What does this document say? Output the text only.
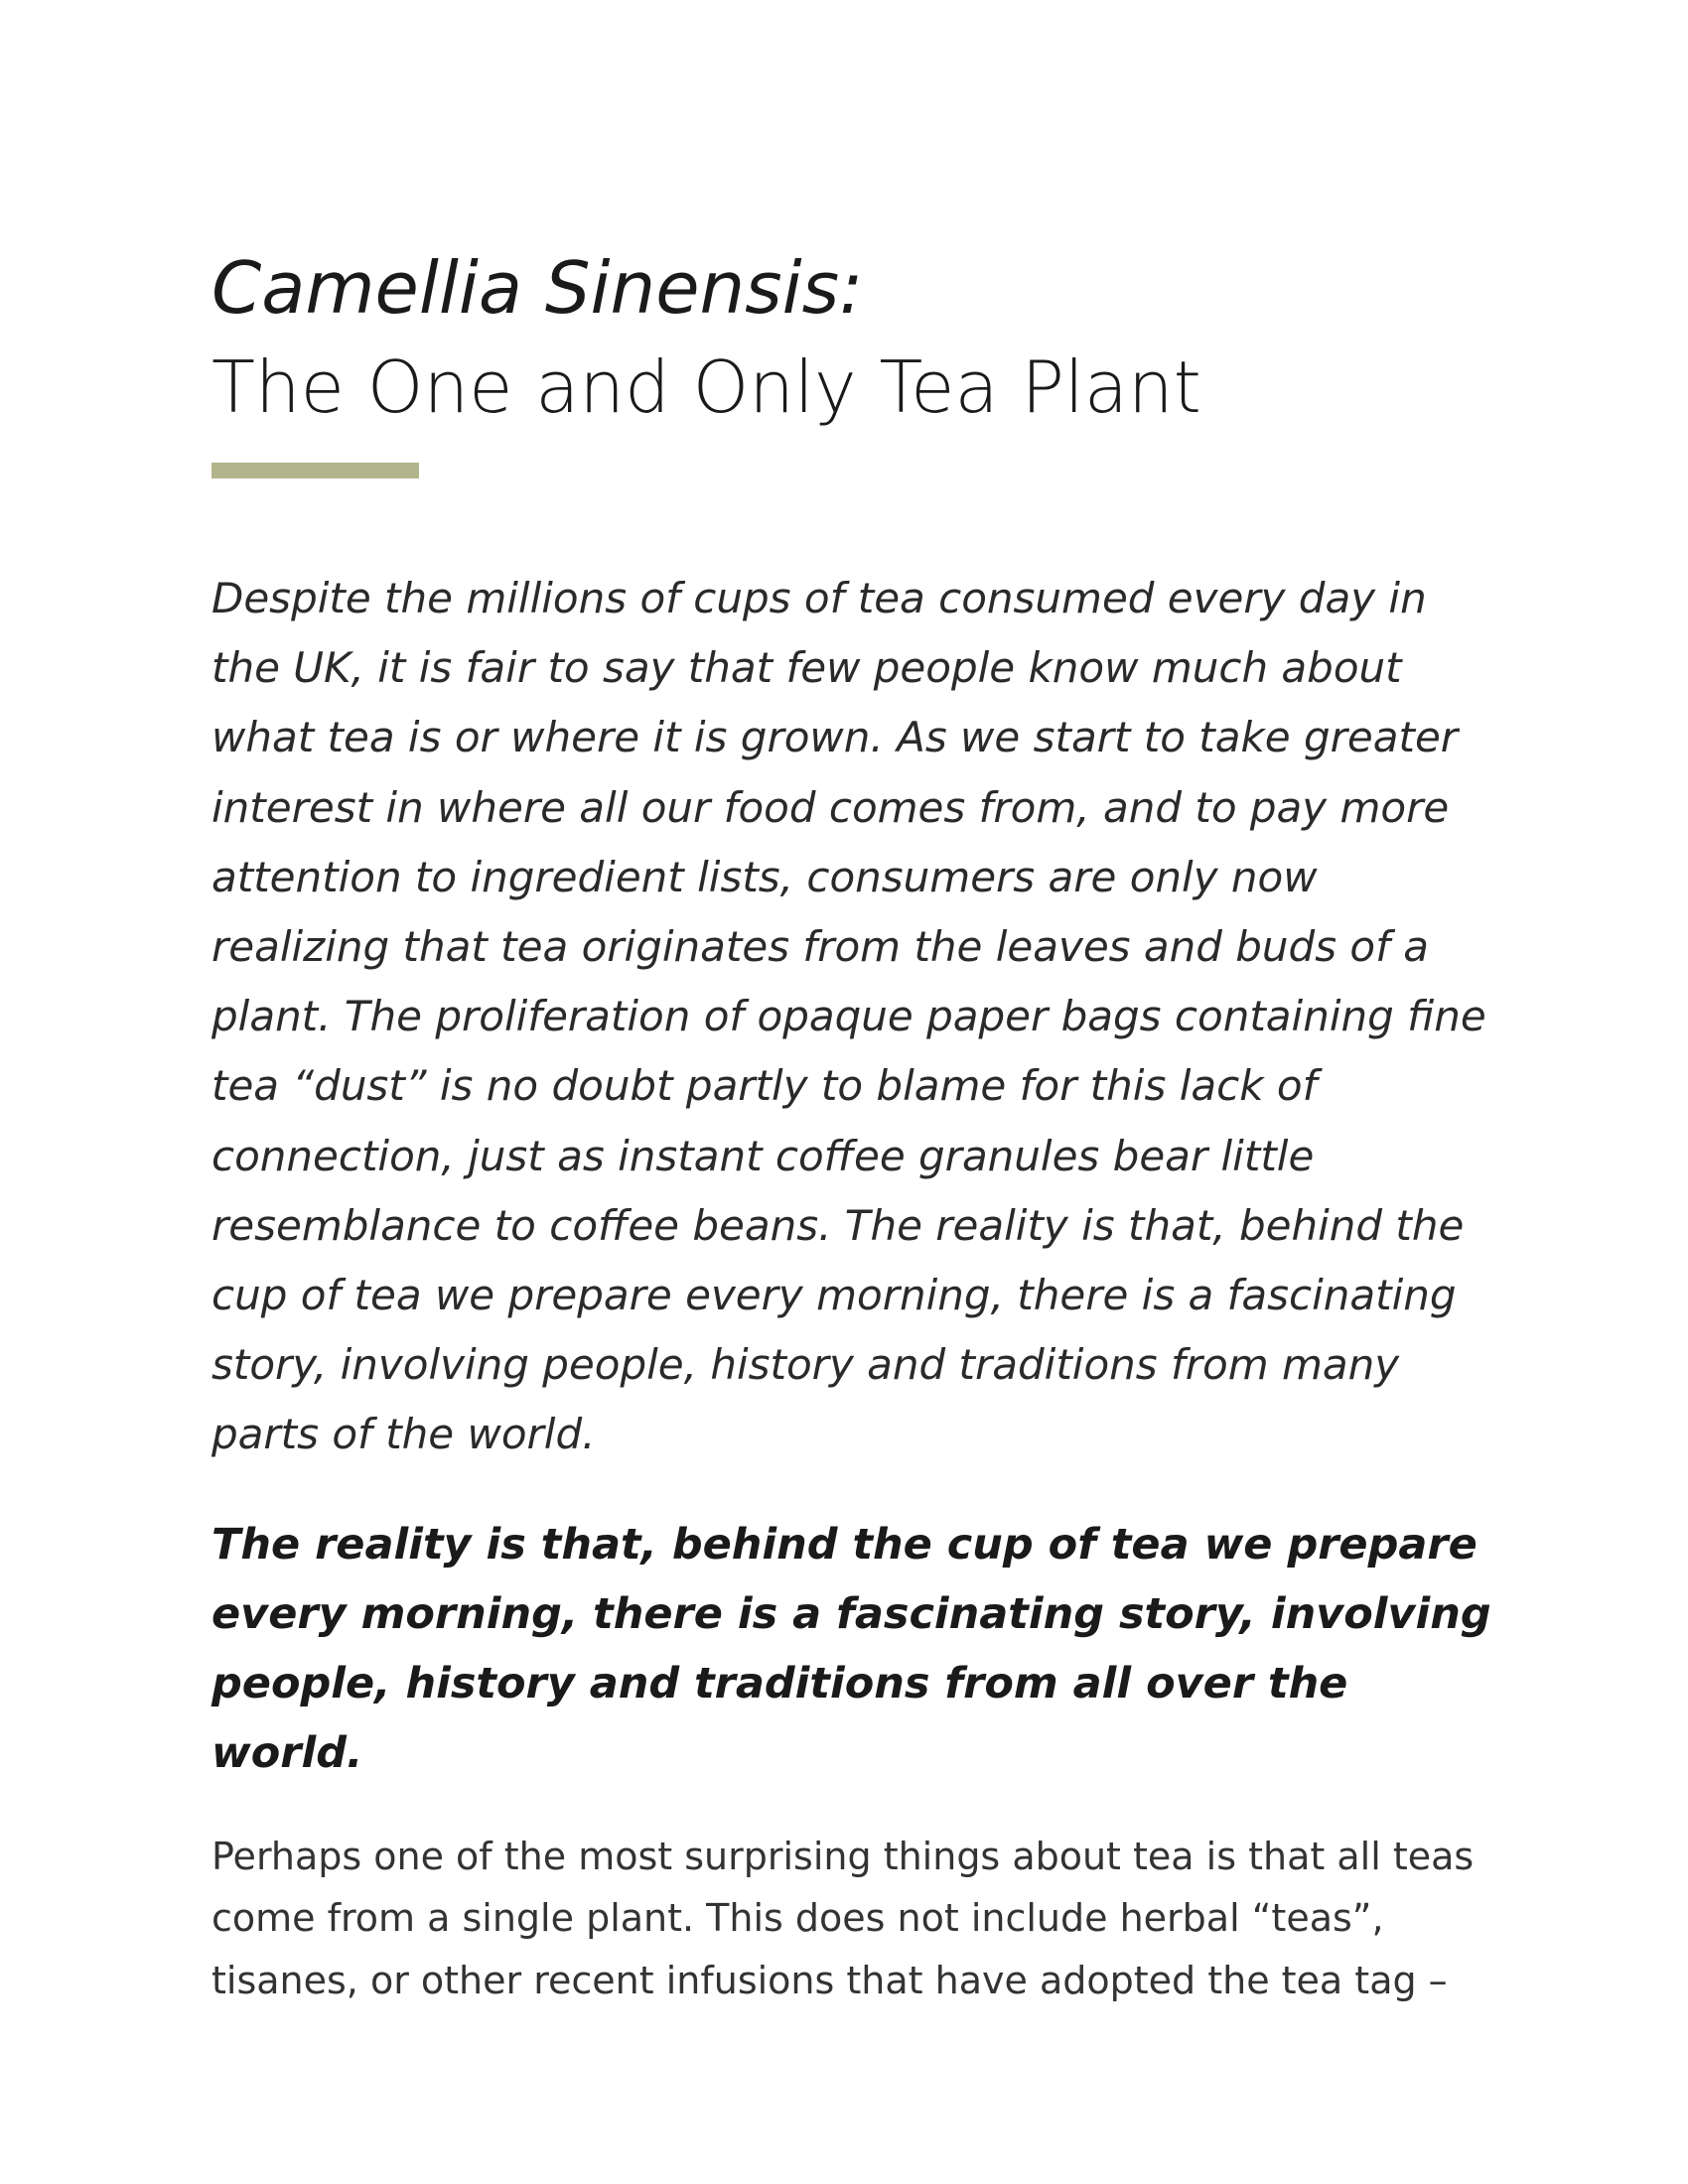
Camellia Sinensis:
The One and Only Tea Plant

Despite the millions of cups of tea consumed every day in the UK, it is fair to say that few people know much about what tea is or where it is grown. As we start to take greater interest in where all our food comes from, and to pay more attention to ingredient lists, consumers are only now realizing that tea originates from the leaves and buds of a plant. The proliferation of opaque paper bags containing fine tea “dust” is no doubt partly to blame for this lack of connection, just as instant coffee granules bear little resemblance to coffee beans. The reality is that, behind the cup of tea we prepare every morning, there is a fascinating story, involving people, history and traditions from many parts of the world.

The reality is that, behind the cup of tea we prepare every morning, there is a fascinating story, involving people, history and traditions from all over the world.

Perhaps one of the most surprising things about tea is that all teas come from a single plant. This does not include herbal “teas”, tisanes, or other recent infusions that have adopted the tea tag –
